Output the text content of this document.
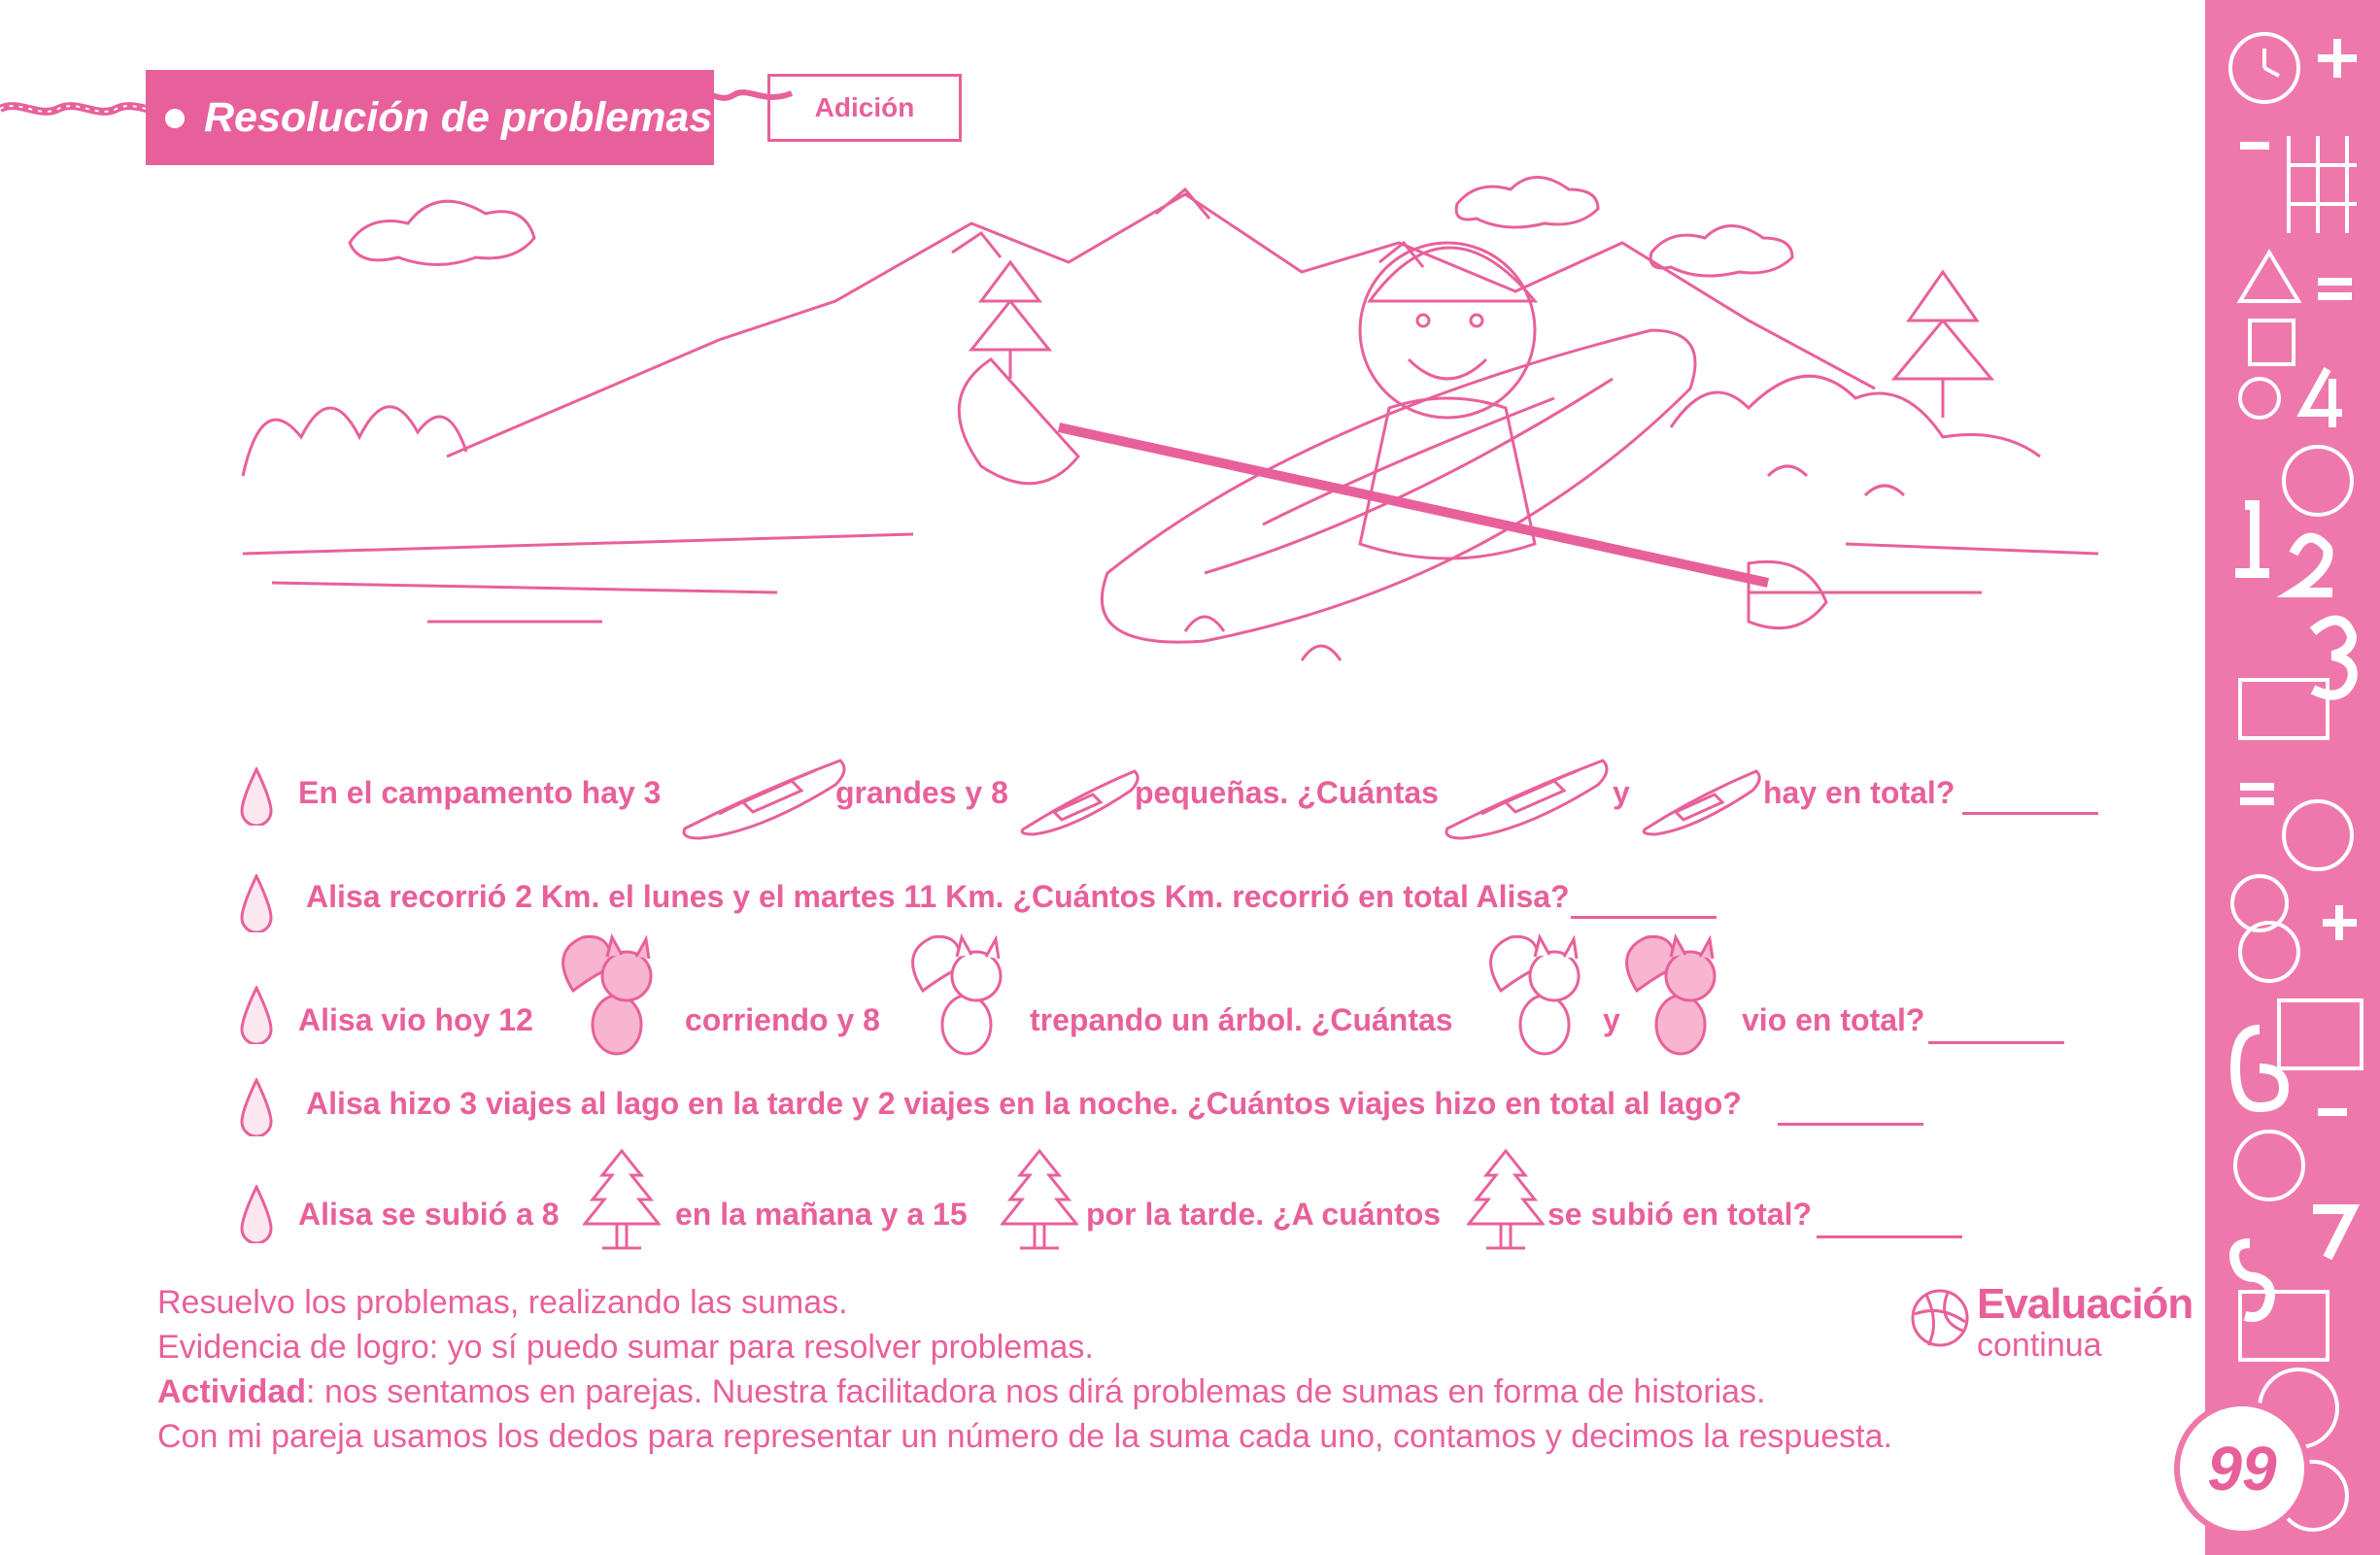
Resolución de problemas	Adición
En el campamento hay 3	grandes y 8	pequeñas. ¿Cuántas	y	hay en total?
Alisa recorrió 2 Km. el lunes y el martes 11 Km. ¿Cuántos Km. recorrió en total Alisa?
Alisa vio hoy 12	corriendo y 8	trepando un árbol. ¿Cuántas	y	vio en total?
Alisa hizo 3 viajes al lago en la tarde y 2 viajes en la noche. ¿Cuántos viajes hizo en total al lago?
Alisa se subió a 8	en la mañana y a 15	por la tarde. ¿A cuántos	se subió en total?
Resuelvo los problemas, realizando las sumas.
Evidencia de logro: yo sí puedo sumar para resolver problemas.
Actividad: nos sentamos en parejas. Nuestra facilitadora nos dirá problemas de sumas en forma de historias.
Con mi pareja usamos los dedos para representar un número de la suma cada uno, contamos y decimos la respuesta.
Evaluación
continua
99
